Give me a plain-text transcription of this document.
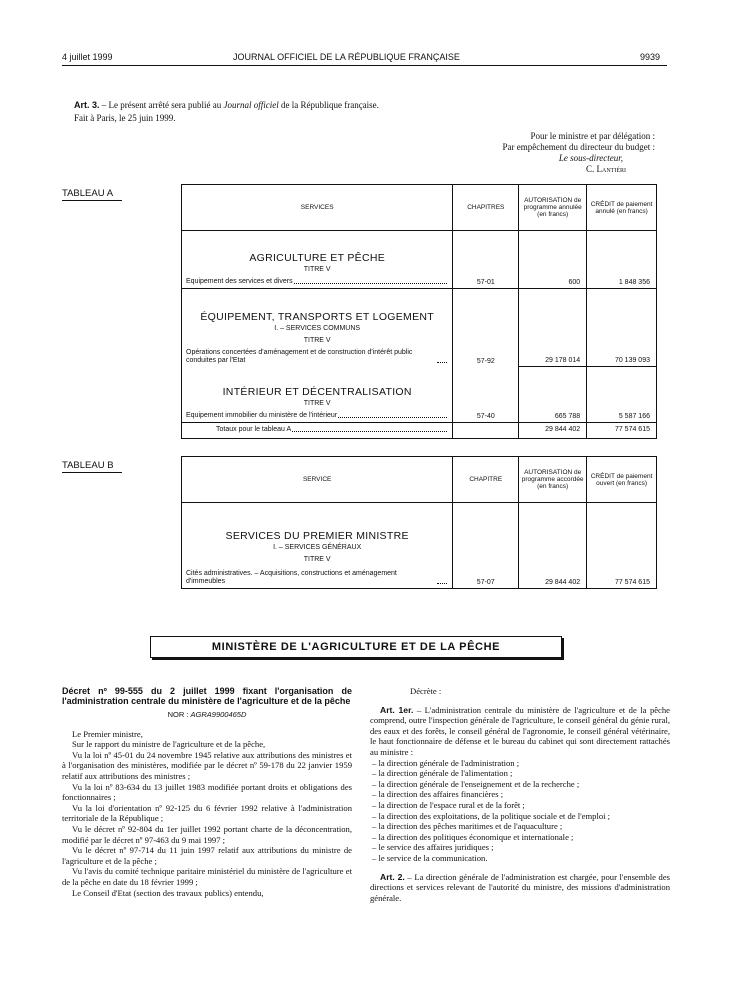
4 juillet 1999	JOURNAL OFFICIEL DE LA RÉPUBLIQUE FRANÇAISE	9939
Art. 3. – Le présent arrêté sera publié au Journal officiel de la République française.
Fait à Paris, le 25 juin 1999.
Pour le ministre et par délégation :
Par empêchement du directeur du budget :
Le sous-directeur,
C. Lantiéri
TABLEAU A
SERVICES	CHAPITRES	AUTORISATION de programme annulée (en francs)	CRÉDIT de paiement annulé (en francs)

AGRICULTURE ET PÊCHE
TITRE V
Equipement des services et divers	57-01	600	1 848 356

ÉQUIPEMENT, TRANSPORTS ET LOGEMENT
I. – SERVICES COMMUNS
TITRE V
Opérations concertées d'aménagement et de construction d'intérêt public conduites par l'Etat	57-92	29 178 014	70 139 093

INTÉRIEUR ET DÉCENTRALISATION
TITRE V
Equipement immobilier du ministère de l'intérieur	57-40	665 788	5 587 166

Totaux pour le tableau A		29 844 402	77 574 615
TABLEAU B
SERVICE	CHAPITRE	AUTORISATION de programme accordée (en francs)	CRÉDIT de paiement ouvert (en francs)

SERVICES DU PREMIER MINISTRE
I. – SERVICES GÉNÉRAUX
TITRE V
Cités administratives. – Acquisitions, constructions et aménagement d'immeubles	57-07	29 844 402	77 574 615
MINISTÈRE DE L'AGRICULTURE ET DE LA PÊCHE

Décret nº 99-555 du 2 juillet 1999 fixant l'organisation de l'administration centrale du ministère de l'agriculture et de la pêche

NOR : AGRA9900465D

Le Premier ministre,

Sur le rapport du ministre de l'agriculture et de la pêche,

Vu la loi nº 45-01 du 24 novembre 1945 relative aux attributions des ministres et à l'organisation des ministères, modifiée par le décret nº 59-178 du 22 janvier 1959 relatif aux attributions des ministres ;

Vu la loi nº 83-634 du 13 juillet 1983 modifiée portant droits et obligations des fonctionnaires ;

Vu la loi d'orientation nº 92-125 du 6 février 1992 relative à l'administration territoriale de la République ;

Vu le décret nº 92-804 du 1er juillet 1992 portant charte de la déconcentration, modifié par le décret nº 97-463 du 9 mai 1997 ;

Vu le décret nº 97-714 du 11 juin 1997 relatif aux attributions du ministre de l'agriculture et de la pêche ;

Vu l'avis du comité technique paritaire ministériel du ministère de l'agriculture et de la pêche en date du 18 février 1999 ;

Le Conseil d'Etat (section des travaux publics) entendu,

Décrète :

Art. 1er. – L'administration centrale du ministère de l'agriculture et de la pêche comprend, outre l'inspection générale de l'agriculture, le conseil général du génie rural, des eaux et des forêts, le conseil général de l'agronomie, le conseil général vétérinaire, le haut fonctionnaire de défense et le bureau du cabinet qui sont directement rattachés au ministre :

– la direction générale de l'administration ;
– la direction générale de l'alimentation ;
– la direction générale de l'enseignement et de la recherche ;
– la direction des affaires financières ;
– la direction de l'espace rural et de la forêt ;
– la direction des exploitations, de la politique sociale et de l'emploi ;
– la direction des pêches maritimes et de l'aquaculture ;
– la direction des politiques économique et internationale ;
– le service des affaires juridiques ;
– le service de la communication.

Art. 2. – La direction générale de l'administration est chargée, pour l'ensemble des directions et services relevant de l'autorité du ministre, des missions d'administration générale.
